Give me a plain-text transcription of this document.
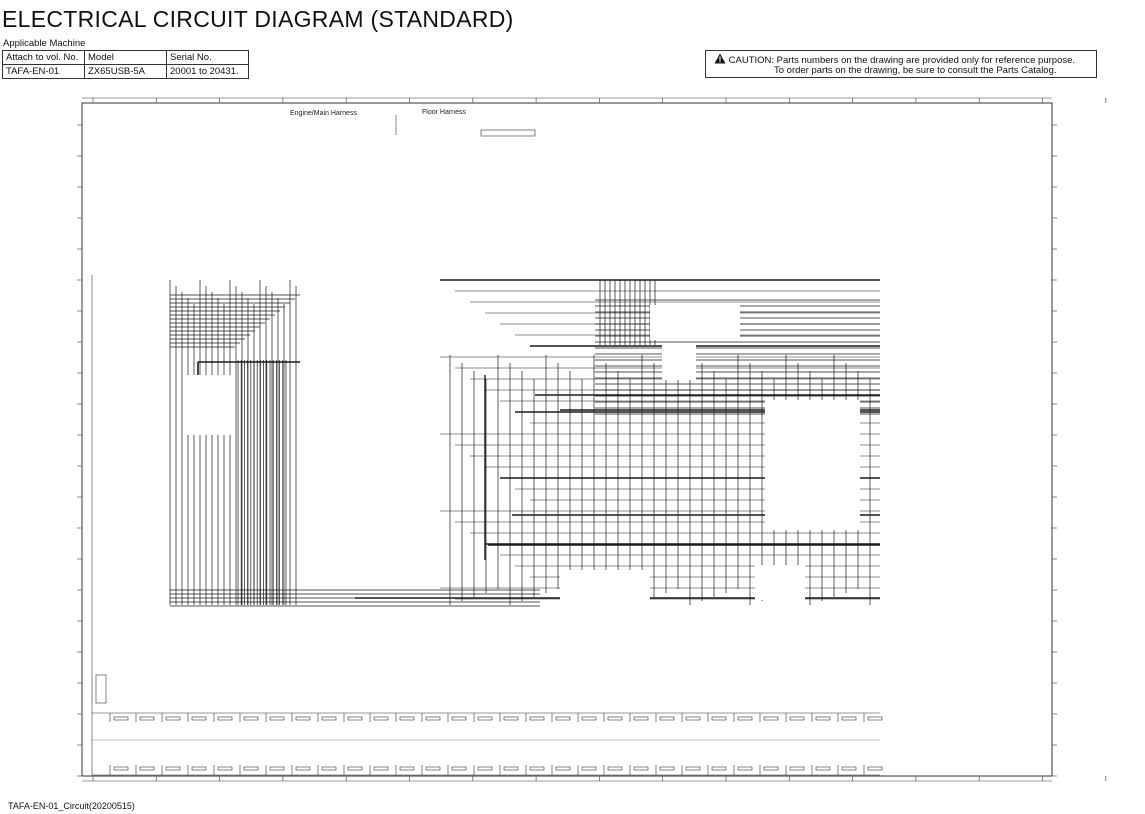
ELECTRICAL CIRCUIT DIAGRAM (STANDARD)
Applicable Machine
Attach to vol. No.	Model	Serial No.
TAFA-EN-01	ZX65USB-5A	20001 to 20431.
CAUTION: Parts numbers on the drawing are provided only for reference purpose.
To order parts on the drawing, be sure to consult the Parts Catalog.
Engine/Main Harness	Floor Harness
TAFA-EN-01_Circuit(20200515)
